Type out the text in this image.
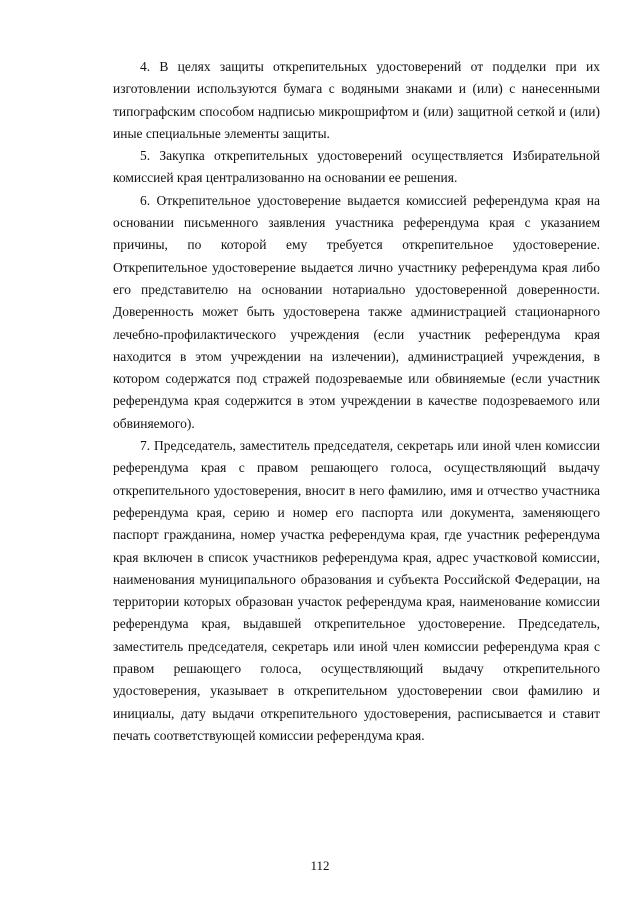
4. В целях защиты открепительных удостоверений от подделки при их изготовлении используются бумага с водяными знаками и (или) с нанесенными типографским способом надписью микрошрифтом и (или) защитной сеткой и (или) иные специальные элементы защиты.

5. Закупка открепительных удостоверений осуществляется Избирательной комиссией края централизованно на основании ее решения.

6. Открепительное удостоверение выдается комиссией референдума края на основании письменного заявления участника референдума края с указанием причины, по которой ему требуется открепительное удостоверение. Открепительное удостоверение выдается лично участнику референдума края либо его представителю на основании нотариально удостоверенной доверенности. Доверенность может быть удостоверена также администрацией стационарного лечебно-профилактического учреждения (если участник референдума края находится в этом учреждении на излечении), администрацией учреждения, в котором содержатся под стражей подозреваемые или обвиняемые (если участник референдума края содержится в этом учреждении в качестве подозреваемого или обвиняемого).

7. Председатель, заместитель председателя, секретарь или иной член комиссии референдума края с правом решающего голоса, осуществляющий выдачу открепительного удостоверения, вносит в него фамилию, имя и отчество участника референдума края, серию и номер его паспорта или документа, заменяющего паспорт гражданина, номер участка референдума края, где участник референдума края включен в список участников референдума края, адрес участковой комиссии, наименования муниципального образования и субъекта Российской Федерации, на территории которых образован участок референдума края, наименование комиссии референдума края, выдавшей открепительное удостоверение. Председатель, заместитель председателя, секретарь или иной член комиссии референдума края с правом решающего голоса, осуществляющий выдачу открепительного удостоверения, указывает в открепительном удостоверении свои фамилию и инициалы, дату выдачи открепительного удостоверения, расписывается и ставит печать соответствующей комиссии референдума края.

112
